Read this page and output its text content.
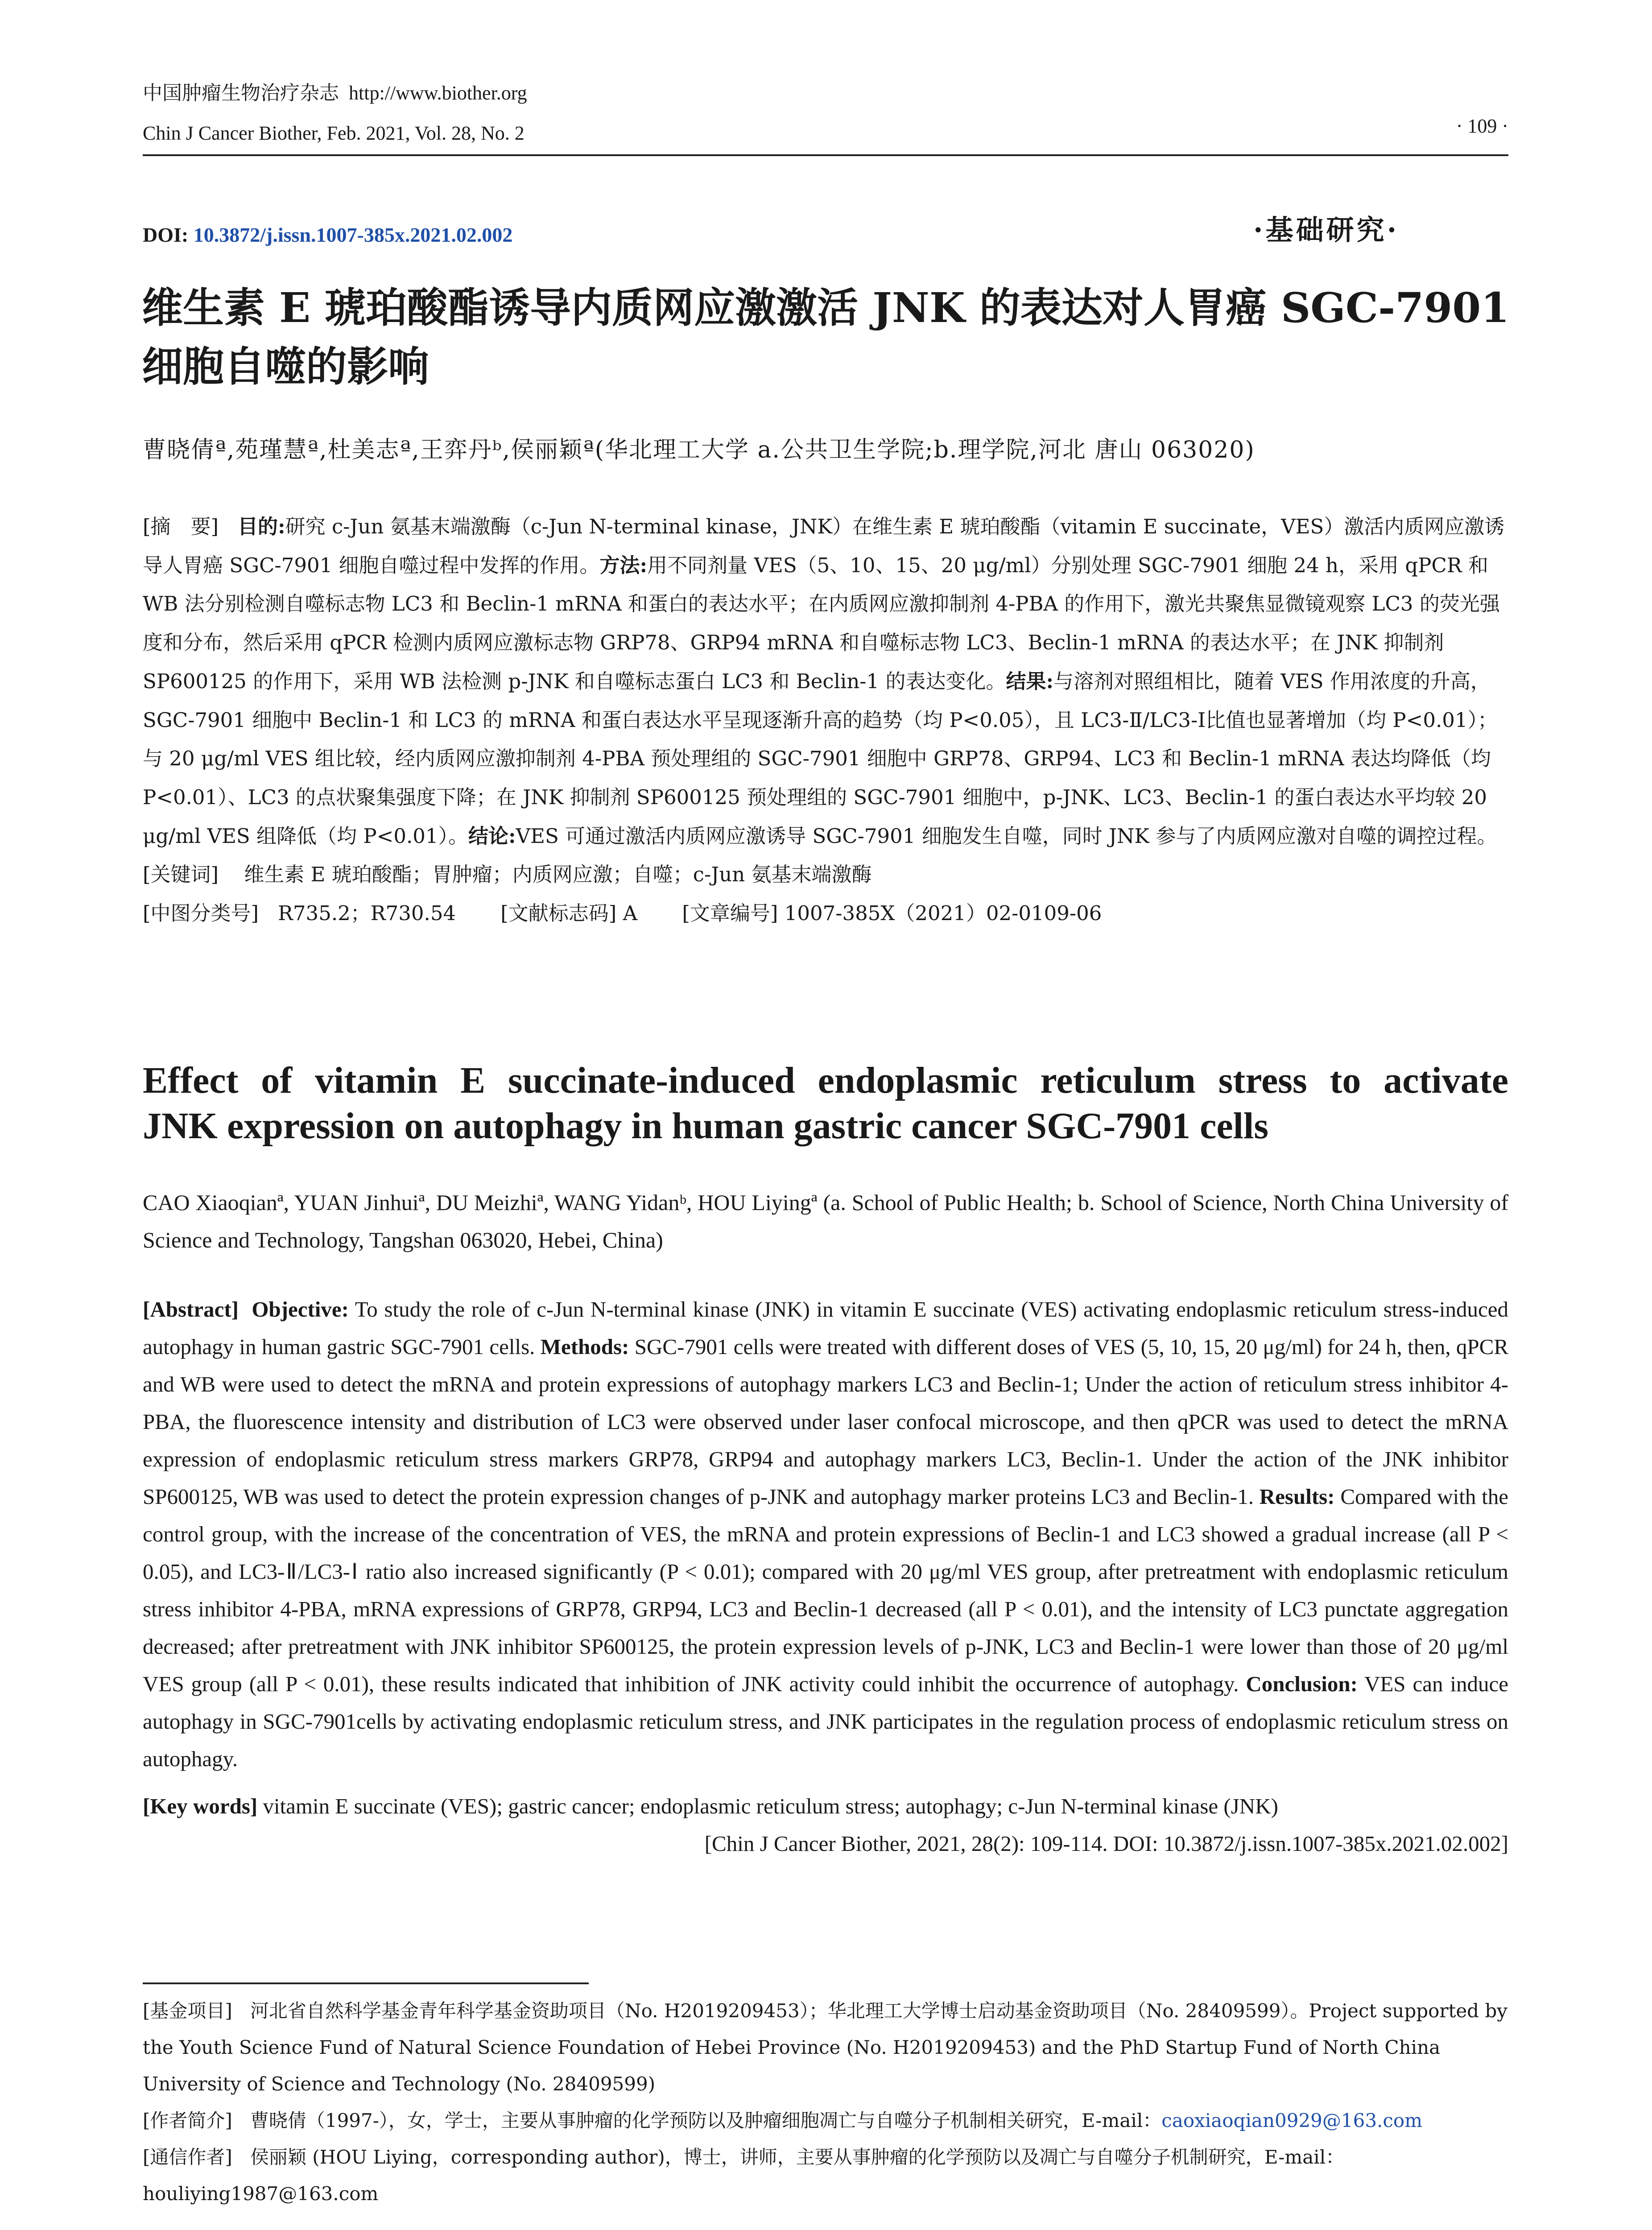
中国肿瘤生物治疗杂志 http://www.biother.org
Chin J Cancer Biother, Feb. 2021, Vol. 28, No. 2	· 109 ·
DOI: 10.3872/j.issn.1007-385x.2021.02.002	·基础研究·
维生素 E 琥珀酸酯诱导内质网应激激活 JNK 的表达对人胃癌 SGC-7901
细胞自噬的影响
曹晓倩ª,苑瑾慧ª,杜美志ª,王弈丹ᵇ,侯丽颖ª(华北理工大学 a.公共卫生学院;b.理学院,河北 唐山 063020)

[摘　要] 目的:研究 c-Jun 氨基末端激酶（c-Jun N-terminal kinase，JNK）在维生素 E 琥珀酸酯（vitamin E succinate，VES）激活内质网应激诱导人胃癌 SGC-7901 细胞自噬过程中发挥的作用。方法:用不同剂量 VES（5、10、15、20 μg/ml）分别处理 SGC-7901 细胞 24 h，采用 qPCR 和 WB 法分别检测自噬标志物 LC3 和 Beclin-1 mRNA 和蛋白的表达水平；在内质网应激抑制剂 4-PBA 的作用下，激光共聚焦显微镜观察 LC3 的荧光强度和分布，然后采用 qPCR 检测内质网应激标志物 GRP78、GRP94 mRNA 和自噬标志物 LC3、Beclin-1 mRNA 的表达水平；在 JNK 抑制剂 SP600125 的作用下，采用 WB 法检测 p-JNK 和自噬标志蛋白 LC3 和 Beclin-1 的表达变化。结果:与溶剂对照组相比，随着 VES 作用浓度的升高，SGC-7901 细胞中 Beclin-1 和 LC3 的 mRNA 和蛋白表达水平呈现逐渐升高的趋势（均 P<0.05），且 LC3-Ⅱ/LC3-Ⅰ比值也显著增加（均 P<0.01）；与 20 μg/ml VES 组比较，经内质网应激抑制剂 4-PBA 预处理组的 SGC-7901 细胞中 GRP78、GRP94、LC3 和 Beclin-1 mRNA 表达均降低（均 P<0.01）、LC3 的点状聚集强度下降；在 JNK 抑制剂 SP600125 预处理组的 SGC-7901 细胞中，p-JNK、LC3、Beclin-1 的蛋白表达水平均较 20 μg/ml VES 组降低（均 P<0.01）。结论:VES 可通过激活内质网应激诱导 SGC-7901 细胞发生自噬，同时 JNK 参与了内质网应激对自噬的调控过程。

[关键词] 维生素 E 琥珀酸酯；胃肿瘤；内质网应激；自噬；c-Jun 氨基末端激酶

[中图分类号] R735.2；R730.54 [文献标志码] A [文章编号] 1007-385X（2021）02-0109-06

Effect of vitamin E succinate-induced endoplasmic reticulum stress to activate
JNK expression on autophagy in human gastric cancer SGC-7901 cells
CAO Xiaoqianª, YUAN Jinhuiª, DU Meizhiª, WANG Yidanᵇ, HOU Liyingª (a. School of Public Health; b. School of Science, North China University of Science and Technology, Tangshan 063020, Hebei, China)

[Abstract] Objective: To study the role of c-Jun N-terminal kinase (JNK) in vitamin E succinate (VES) activating endoplasmic reticulum stress-induced autophagy in human gastric SGC-7901 cells. Methods: SGC-7901 cells were treated with different doses of VES (5, 10, 15, 20 μg/ml) for 24 h, then, qPCR and WB were used to detect the mRNA and protein expressions of autophagy markers LC3 and Beclin-1; Under the action of reticulum stress inhibitor 4-PBA, the fluorescence intensity and distribution of LC3 were observed under laser confocal microscope, and then qPCR was used to detect the mRNA expression of endoplasmic reticulum stress markers GRP78, GRP94 and autophagy markers LC3, Beclin-1. Under the action of the JNK inhibitor SP600125, WB was used to detect the protein expression changes of p-JNK and autophagy marker proteins LC3 and Beclin-1. Results: Compared with the control group, with the increase of the concentration of VES, the mRNA and protein expressions of Beclin-1 and LC3 showed a gradual increase (all P < 0.05), and LC3-Ⅱ/LC3-Ⅰ ratio also increased significantly (P < 0.01); compared with 20 μg/ml VES group, after pretreatment with endoplasmic reticulum stress inhibitor 4-PBA, mRNA expressions of GRP78, GRP94, LC3 and Beclin-1 decreased (all P < 0.01), and the intensity of LC3 punctate aggregation decreased; after pretreatment with JNK inhibitor SP600125, the protein expression levels of p-JNK, LC3 and Beclin-1 were lower than those of 20 μg/ml VES group (all P < 0.01), these results indicated that inhibition of JNK activity could inhibit the occurrence of autophagy. Conclusion: VES can induce autophagy in SGC-7901cells by activating endoplasmic reticulum stress, and JNK participates in the regulation process of endoplasmic reticulum stress on autophagy.

[Key words] vitamin E succinate (VES); gastric cancer; endoplasmic reticulum stress; autophagy; c-Jun N-terminal kinase (JNK)

[Chin J Cancer Biother, 2021, 28(2): 109-114. DOI: 10.3872/j.issn.1007-385x.2021.02.002]

[基金项目] 河北省自然科学基金青年科学基金资助项目（No. H2019209453）；华北理工大学博士启动基金资助项目（No. 28409599）。Project supported by the Youth Science Fund of Natural Science Foundation of Hebei Province (No. H2019209453) and the PhD Startup Fund of North China University of Science and Technology (No. 28409599)
[作者简介] 曹晓倩（1997-），女，学士，主要从事肿瘤的化学预防以及肿瘤细胞凋亡与自噬分子机制相关研究，E-mail：caoxiaoqian0929@163.com
[通信作者] 侯丽颖 (HOU Liying，corresponding author)，博士，讲师，主要从事肿瘤的化学预防以及凋亡与自噬分子机制研究，E-mail：houliying1987@163.com
